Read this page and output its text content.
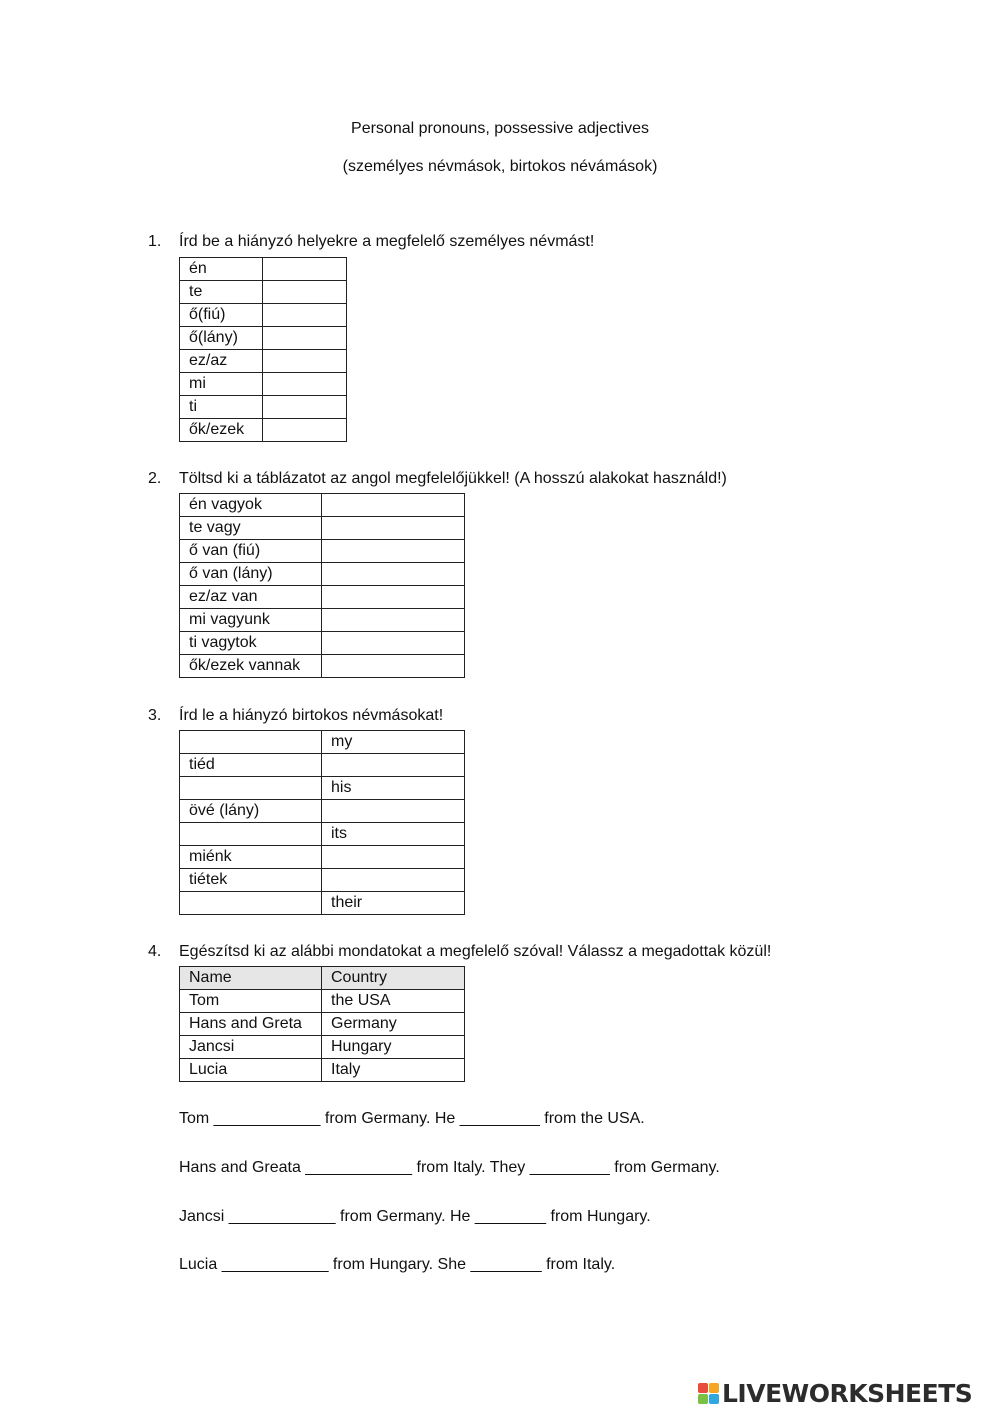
Personal pronouns, possessive adjectives
(személyes névmások, birtokos névámások)
1. Írd be a hiányzó helyekre a megfelelő személyes névmást!
én	
te	
ő(fiú)	
ő(lány)	
ez/az	
mi	
ti	
ők/ezek	
2. Töltsd ki a táblázatot az angol megfelelőjükkel! (A hosszú alakokat használd!)
én vagyok	
te vagy	
ő van (fiú)	
ő van (lány)	
ez/az van	
mi vagyunk	
ti vagytok	
ők/ezek vannak	
3. Írd le a hiányzó birtokos névmásokat!
	my
tiéd	
	his
övé (lány)	
	its
miénk	
tiétek	
	their
4. Egészítsd ki az alábbi mondatokat a megfelelő szóval! Válassz a megadottak közül!
Name	Country
Tom	the USA
Hans and Greta	Germany
Jancsi	Hungary
Lucia	Italy
Tom ____________ from Germany. He _________ from the USA.
Hans and Greata ____________ from Italy. They _________ from Germany.
Jancsi ____________ from Germany. He ________ from Hungary.
Lucia ____________ from Hungary. She ________ from Italy.
LIVEWORKSHEETS
